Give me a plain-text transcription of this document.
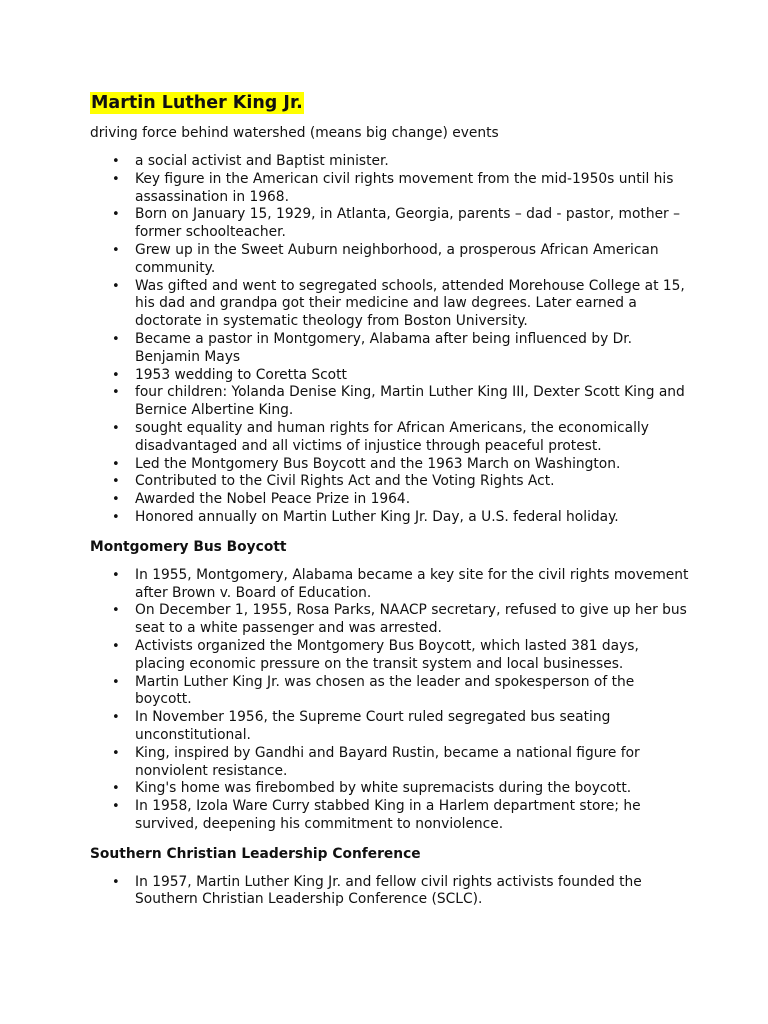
Martin Luther King Jr.

driving force behind watershed (means big change) events

• a social activist and Baptist minister.
• Key figure in the American civil rights movement from the mid-1950s until his assassination in 1968.
• Born on January 15, 1929, in Atlanta, Georgia, parents – dad - pastor, mother – former schoolteacher.
• Grew up in the Sweet Auburn neighborhood, a prosperous African American community.
• Was gifted and went to segregated schools, attended Morehouse College at 15, his dad and grandpa got their medicine and law degrees. Later earned a doctorate in systematic theology from Boston University.
• Became a pastor in Montgomery, Alabama after being influenced by Dr. Benjamin Mays
• 1953 wedding to Coretta Scott
• four children: Yolanda Denise King, Martin Luther King III, Dexter Scott King and Bernice Albertine King.
• sought equality and human rights for African Americans, the economically disadvantaged and all victims of injustice through peaceful protest.
• Led the Montgomery Bus Boycott and the 1963 March on Washington.
• Contributed to the Civil Rights Act and the Voting Rights Act.
• Awarded the Nobel Peace Prize in 1964.
• Honored annually on Martin Luther King Jr. Day, a U.S. federal holiday.
Montgomery Bus Boycott
• In 1955, Montgomery, Alabama became a key site for the civil rights movement after Brown v. Board of Education.
• On December 1, 1955, Rosa Parks, NAACP secretary, refused to give up her bus seat to a white passenger and was arrested.
• Activists organized the Montgomery Bus Boycott, which lasted 381 days, placing economic pressure on the transit system and local businesses.
• Martin Luther King Jr. was chosen as the leader and spokesperson of the boycott.
• In November 1956, the Supreme Court ruled segregated bus seating unconstitutional.
• King, inspired by Gandhi and Bayard Rustin, became a national figure for nonviolent resistance.
• King's home was firebombed by white supremacists during the boycott.
• In 1958, Izola Ware Curry stabbed King in a Harlem department store; he survived, deepening his commitment to nonviolence.
Southern Christian Leadership Conference
• In 1957, Martin Luther King Jr. and fellow civil rights activists founded the Southern Christian Leadership Conference (SCLC).
